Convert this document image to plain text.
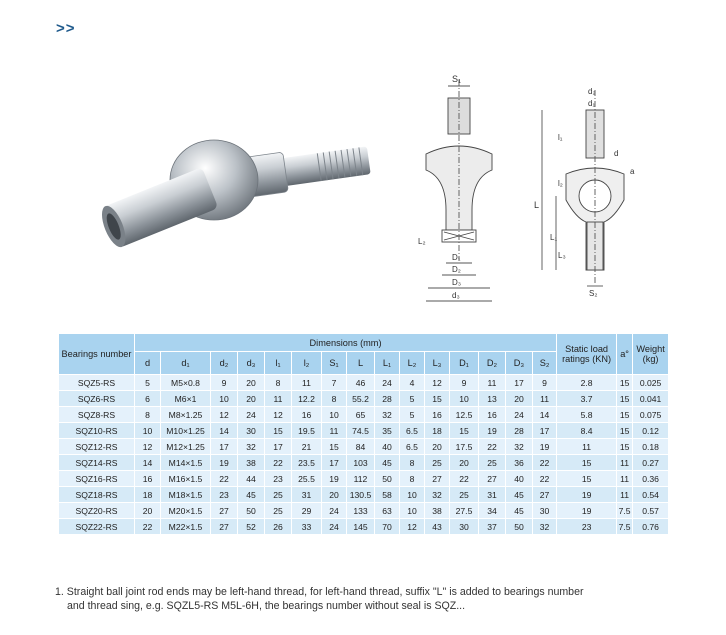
>>
S₁
L₂
D₁
D₂
D₃
d₃
d₂
d₁
l₁
d
a
l₂
L
L₁
L₃
S₂
Bearings number	Dimensions (mm)															Static load ratings (KN)	a°	Weight (kg)
	d	d₁	d₂	d₃	l₁	l₂	S₁	L	L₁	L₂	L₃	D₁	D₂	D₃	S₂			
SQZ5-RS	5	M5×0.8	9	20	8	11	7	46	24	4	12	9	11	17	9	2.8	15	0.025
SQZ6-RS	6	M6×1	10	20	11	12.2	8	55.2	28	5	15	10	13	20	11	3.7	15	0.041
SQZ8-RS	8	M8×1.25	12	24	12	16	10	65	32	5	16	12.5	16	24	14	5.8	15	0.075
SQZ10-RS	10	M10×1.25	14	30	15	19.5	11	74.5	35	6.5	18	15	19	28	17	8.4	15	0.12
SQZ12-RS	12	M12×1.25	17	32	17	21	15	84	40	6.5	20	17.5	22	32	19	11	15	0.18
SQZ14-RS	14	M14×1.5	19	38	22	23.5	17	103	45	8	25	20	25	36	22	15	11	0.27
SQZ16-RS	16	M16×1.5	22	44	23	25.5	19	112	50	8	27	22	27	40	22	15	11	0.36
SQZ18-RS	18	M18×1.5	23	45	25	31	20	130.5	58	10	32	25	31	45	27	19	11	0.54
SQZ20-RS	20	M20×1.5	27	50	25	29	24	133	63	10	38	27.5	34	45	30	19	7.5	0.57
SQZ22-RS	22	M22×1.5	27	52	26	33	24	145	70	12	43	30	37	50	32	23	7.5	0.76

1. Straight ball joint rod ends may be left-hand thread, for left-hand thread, suffix "L" is added to bearings number

and thread sing, e.g. SQZL5-RS M5L-6H, the bearings number without seal is SQZ...
